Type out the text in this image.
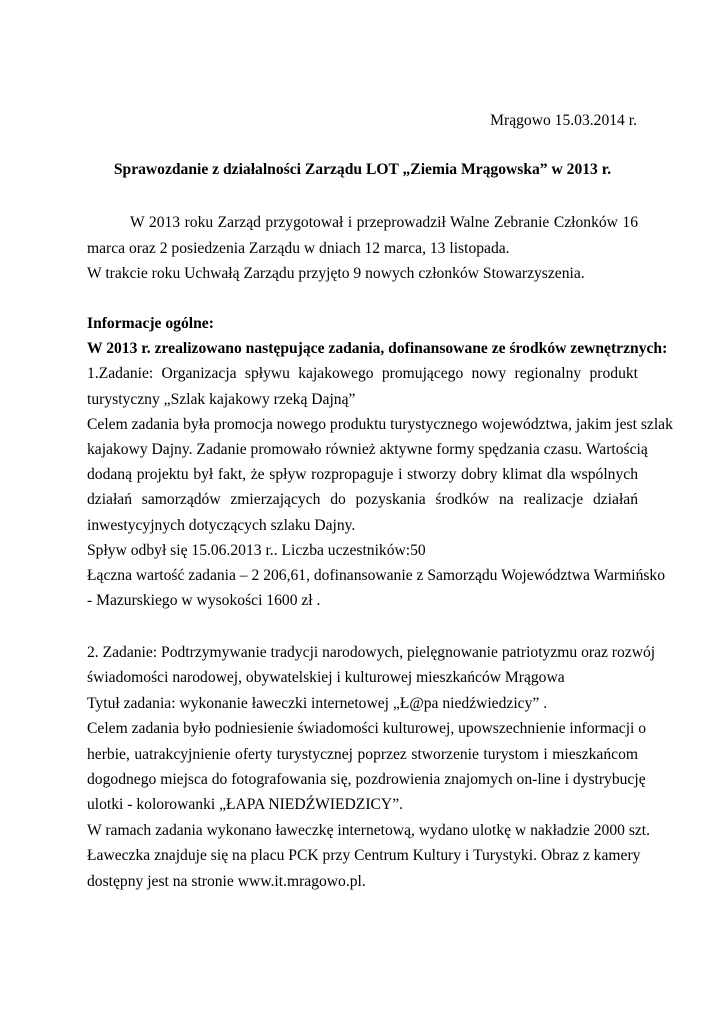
Mrągowo 15.03.2014 r.
Sprawozdanie z działalności Zarządu LOT „Ziemia Mrągowska” w 2013 r.
W 2013 roku Zarząd przygotował i przeprowadził Walne Zebranie Członków 16
marca oraz 2 posiedzenia Zarządu w dniach 12 marca, 13 listopada.
W trakcie roku Uchwałą Zarządu przyjęto 9 nowych członków Stowarzyszenia.
Informacje ogólne:
W 2013 r. zrealizowano następujące zadania, dofinansowane ze środków zewnętrznych:
1.Zadanie: Organizacja spływu kajakowego promującego nowy regionalny produkt
turystyczny „Szlak kajakowy rzeką Dajną”
Celem zadania była promocja nowego produktu turystycznego województwa, jakim jest szlak
kajakowy Dajny. Zadanie promowało również aktywne formy spędzania czasu. Wartością
dodaną projektu był fakt, że spływ rozpropaguje i stworzy dobry klimat dla wspólnych
działań samorządów zmierzających do pozyskania środków na realizacje działań
inwestycyjnych dotyczących szlaku Dajny.
Spływ odbył się 15.06.2013 r.. Liczba uczestników:50
Łączna wartość zadania – 2 206,61, dofinansowanie z Samorządu Województwa Warmińsko
- Mazurskiego w wysokości 1600 zł .
2. Zadanie: Podtrzymywanie tradycji narodowych, pielęgnowanie patriotyzmu oraz rozwój
świadomości narodowej, obywatelskiej i kulturowej mieszkańców Mrągowa
Tytuł zadania: wykonanie ławeczki internetowej „Ł@pa niedźwiedzicy” .
Celem zadania było podniesienie świadomości kulturowej, upowszechnienie informacji o
herbie, uatrakcyjnienie oferty turystycznej poprzez stworzenie turystom i mieszkańcom
dogodnego miejsca do fotografowania się, pozdrowienia znajomych on-line i dystrybucję
ulotki - kolorowanki „ŁAPA NIEDŹWIEDZICY”.
W ramach zadania wykonano ławeczkę internetową, wydano ulotkę w nakładzie 2000 szt.
Ławeczka znajduje się na placu PCK przy Centrum Kultury i Turystyki. Obraz z kamery
dostępny jest na stronie www.it.mragowo.pl.
